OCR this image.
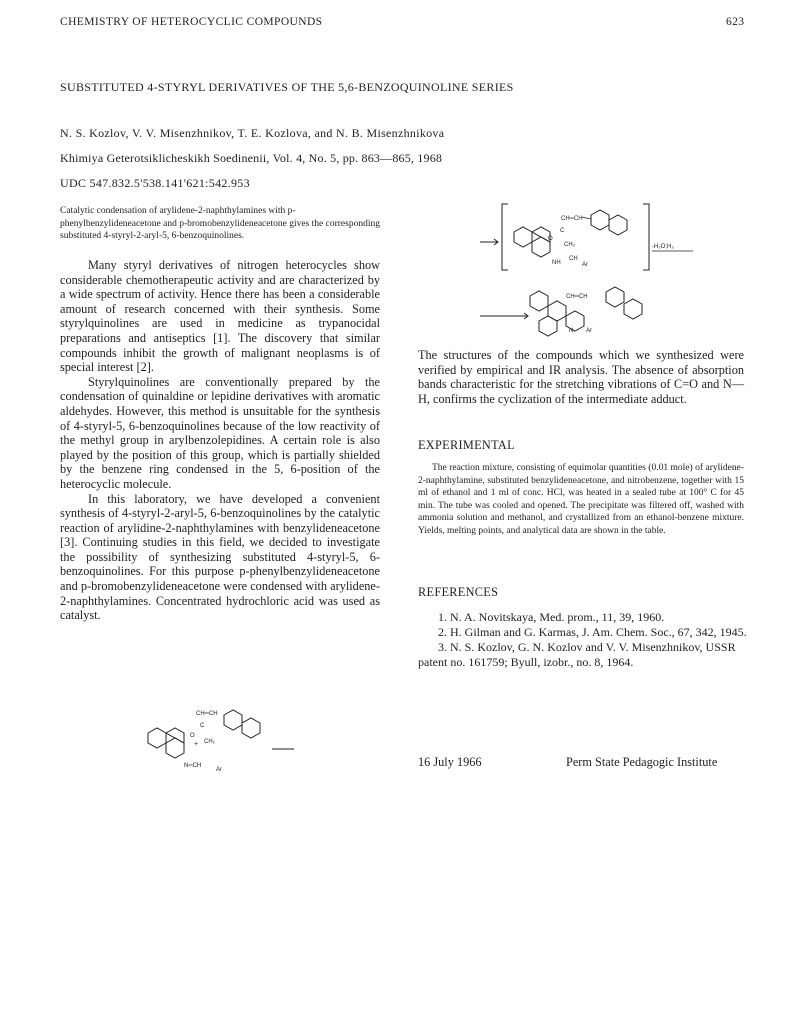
CHEMISTRY OF HETEROCYCLIC COMPOUNDS	623
SUBSTITUTED 4-STYRYL DERIVATIVES OF THE 5,6-BENZOQUINOLINE SERIES
N. S. Kozlov, V. V. Misenzhnikov, T. E. Kozlova, and N. B. Misenzhnikova
Khimiya Geterotsiklicheskikh Soedinenii, Vol. 4, No. 5, pp. 863—865, 1968
UDC 547.832.5'538.141'621:542.953
Catalytic condensation of arylidene-2-naphthylamines with p-phenylbenzylideneacetone and p-bromobenzylideneacetone gives the corresponding substituted 4-styryl-2-aryl-5, 6-benzoquinolines.

Many styryl derivatives of nitrogen heterocycles show considerable chemotherapeutic activity and are characterized by a wide spectrum of activity. Hence there has been a considerable amount of research concerned with their synthesis. Some styrylquinolines are used in medicine as trypanocidal preparations and antiseptics [1]. The discovery that similar compounds inhibit the growth of malignant neoplasms is of special interest [2].

Styrylquinolines are conventionally prepared by the condensation of quinaldine or lepidine derivatives with aromatic aldehydes. However, this method is unsuitable for the synthesis of 4-styryl-5, 6-benzoquinolines because of the low reactivity of the methyl group in arylbenzolepidines. A certain role is also played by the position of this group, which is partially shielded by the benzene ring condensed in the 5, 6-position of the heterocyclic molecule.

In this laboratory, we have developed a convenient synthesis of 4-styryl-2-aryl-5, 6-benzoquinolines by the catalytic reaction of arylidine-2-naphthylamines with benzylideneacetone [3]. Continuing studies in this field, we decided to investigate the possibility of synthesizing substituted 4-styryl-5, 6-benzoquinolines. For this purpose p-phenylbenzylideneacetone and p-bromobenzylideneacetone were condensed with arylidene-2-naphthylamines. Concentrated hydrochloric acid was used as catalyst.

CH═CH
C
O
CH₂
NH
CH
Ar
-H₂O;H₂
CH═CH
N Ar
The structures of the compounds which we synthesized were verified by empirical and IR analysis. The absence of absorption bands characteristic for the stretching vibrations of C=O and N—H, confirms the cyclization of the intermediate adduct.
EXPERIMENTAL
The reaction mixture, consisting of equimolar quantities (0.01 mole) of arylidene-2-naphthylamine, substituted benzylideneacetone, and nitrobenzene, together with 15 ml of ethanol and 1 ml of conc. HCl, was heated in a sealed tube at 100° C for 45 min. The tube was cooled and opened. The precipitate was filtered off, washed with ammonia solution and methanol, and crystallized from an ethanol-benzene mixture. Yields, melting points, and analytical data are shown in the table.
REFERENCES

1. N. A. Novitskaya, Med. prom., 11, 39, 1960.

2. H. Gilman and G. Karmas, J. Am. Chem. Soc., 67, 342, 1945.

3. N. S. Kozlov, G. N. Kozlov and V. V. Misenzhnikov, USSR patent no. 161759; Byull, izobr., no. 8, 1964.

CH═CH
C
O
CH₂
+
N═CH
Ar
16 July 1966	Perm State Pedagogic Institute
